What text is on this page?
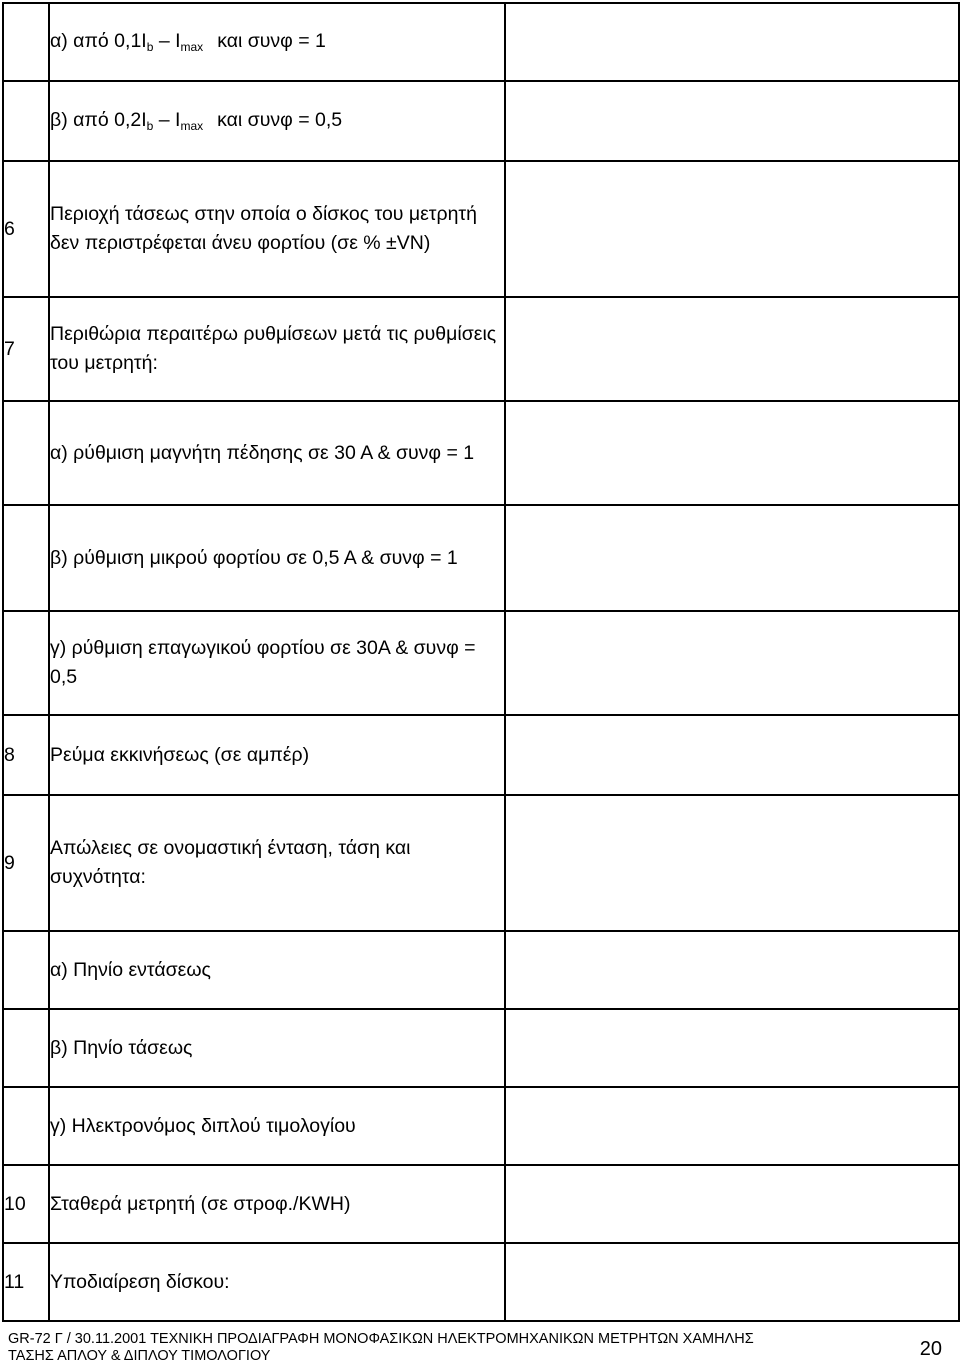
	α) από $0,1I_b - I_{max}$ και συνφ = 1	
	β) από $0,2I_b - I_{max}$ και συνφ = 0,5	
6	Περιοχή τάσεως στην οποία ο δίσκος του μετρητή δεν περιστρέφεται άνευ φορτίου (σε % ±VN)	
7	Περιθώρια περαιτέρω ρυθμίσεων μετά τις ρυθμίσεις του μετρητή:	
	α) ρύθμιση μαγνήτη πέδησης σε 30 Α & συνφ = 1	
	β) ρύθμιση μικρού φορτίου σε 0,5 Α & συνφ = 1	
	γ) ρύθμιση επαγωγικού φορτίου σε 30Α & συνφ = 0,5	
8	Ρεύμα εκκινήσεως (σε αμπέρ)	
9	Απώλειες σε ονομαστική ένταση, τάση και συχνότητα:	
	α) Πηνίο εντάσεως	
	β) Πηνίο τάσεως	
	γ) Ηλεκτρονόμος διπλού τιμολογίου	
10	Σταθερά μετρητή (σε στροφ./KWH)	
11	Υποδιαίρεση δίσκου:	
GR-72 Γ / 30.11.2001 ΤΕΧΝΙΚΗ ΠΡΟΔΙΑΓΡΑΦΗ ΜΟΝΟΦΑΣΙΚΩΝ ΗΛΕΚΤΡΟΜΗΧΑΝΙΚΩΝ ΜΕΤΡΗΤΩΝ ΧΑΜΗΛΗΣ
ΤΑΣΗΣ ΑΠΛΟΥ & ΔΙΠΛΟΥ ΤΙΜΟΛΟΓΙΟΥ	20
